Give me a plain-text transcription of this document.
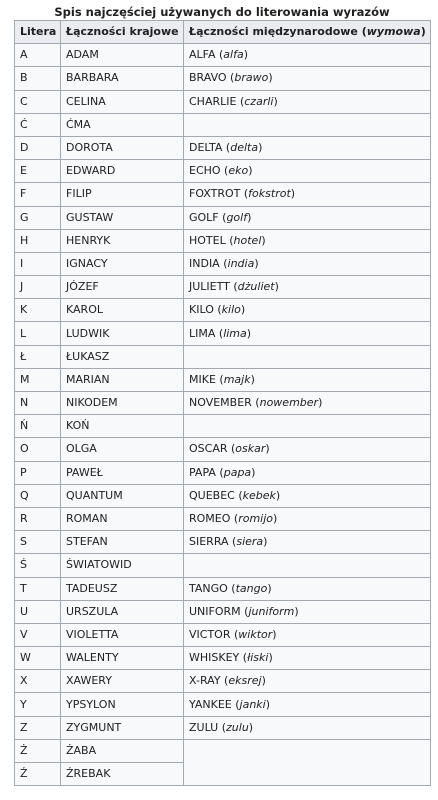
Spis najczęściej używanych do literowania wyrazów
Litera	Łączności krajowe	Łączności międzynarodowe (wymowa)
A	ADAM	ALFA (alfa)
B	BARBARA	BRAVO (brawo)
C	CELINA	CHARLIE (czarli)
Ć	ĆMA	
D	DOROTA	DELTA (delta)
E	EDWARD	ECHO (eko)
F	FILIP	FOXTROT (fokstrot)
G	GUSTAW	GOLF (golf)
H	HENRYK	HOTEL (hotel)
I	IGNACY	INDIA (india)
J	JÓZEF	JULIETT (dżuliet)
K	KAROL	KILO (kilo)
L	LUDWIK	LIMA (lima)
Ł	ŁUKASZ	
M	MARIAN	MIKE (majk)
N	NIKODEM	NOVEMBER (nowember)
Ń	KOŃ	
O	OLGA	OSCAR (oskar)
P	PAWEŁ	PAPA (papa)
Q	QUANTUM	QUEBEC (kebek)
R	ROMAN	ROMEO (romijo)
S	STEFAN	SIERRA (siera)
Ś	ŚWIATOWID	
T	TADEUSZ	TANGO (tango)
U	URSZULA	UNIFORM (juniform)
V	VIOLETTA	VICTOR (wiktor)
W	WALENTY	WHISKEY (łiski)
X	XAWERY	X-RAY (eksrej)
Y	YPSYLON	YANKEE (janki)
Z	ZYGMUNT	ZULU (zulu)
Ż	ŻABA	
Ź	ŹREBAK	
